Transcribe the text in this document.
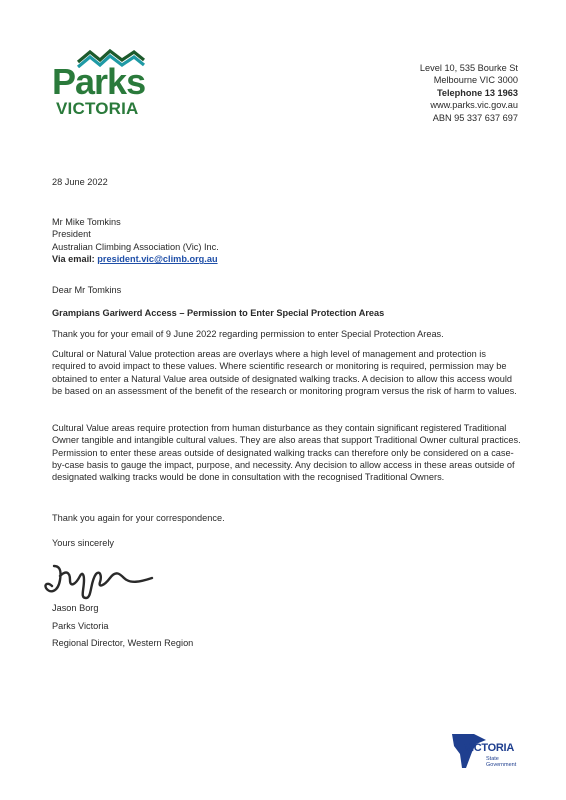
Parks
VICTORIA
Level 10, 535 Bourke St
Melbourne VIC 3000
Telephone 13 1963
www.parks.vic.gov.au
ABN 95 337 637 697
28 June 2022
Mr Mike Tomkins
President
Australian Climbing Association (Vic) Inc.
Via email: president.vic@climb.org.au
Dear Mr Tomkins
Grampians Gariwerd Access – Permission to Enter Special Protection Areas
Thank you for your email of 9 June 2022 regarding permission to enter Special Protection Areas.
Cultural or Natural Value protection areas are overlays where a high level of management and protection is required to avoid impact to these values. Where scientific research or monitoring is required, permission may be obtained to enter a Natural Value area outside of designated walking tracks. A decision to allow this access would be based on an assessment of the benefit of the research or monitoring program versus the risk of harm to values.
Cultural Value areas require protection from human disturbance as they contain significant registered Traditional Owner tangible and intangible cultural values. They are also areas that support Traditional Owner cultural practices. Permission to enter these areas outside of designated walking tracks can therefore only be considered on a case-by-case basis to gauge the impact, purpose, and necessity. Any decision to allow access in these areas outside of designated walking tracks would be done in consultation with the recognised Traditional Owners.
Thank you again for your correspondence.
Yours sincerely
Jason Borg
Parks Victoria
Regional Director, Western Region
VICTORIA
State
Government
